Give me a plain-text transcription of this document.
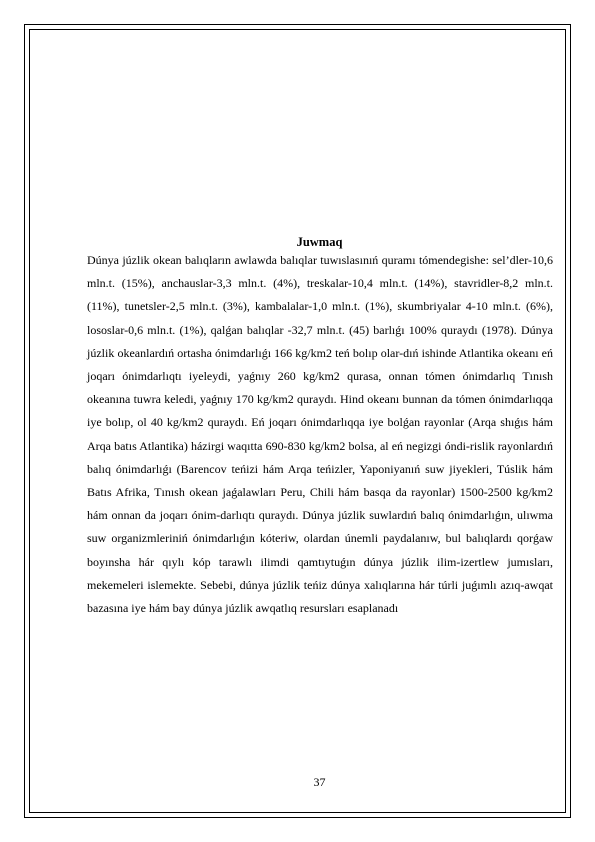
Juwmaq

Dúnya júzlik okean balıqların awlawda balıqlar tuwıslasınıń quramı tómendegishe: sel’dler-10,6 mln.t. (15%), anchauslar-3,3 mln.t. (4%), treskalar-10,4 mln.t. (14%), stavridler-8,2 mln.t. (11%), tunetsler-2,5 mln.t. (3%), kambalalar-1,0 mln.t. (1%), skumbriyalar 4-10 mln.t. (6%), lososlar-0,6 mln.t. (1%), qalǵan balıqlar -32,7 mln.t. (45) barlıǵı 100% quraydı (1978). Dúnya júzlik okeanlardıń ortasha ónimdarlıǵı 166 kg/km2 teń bolıp olar-dıń ishinde Atlantika okeanı eń joqarı ónimdarlıqtı iyeleydi, yaǵnıy 260 kg/km2 qurasa, onnan tómen ónimdarlıq Tınısh okeanına tuwra keledi, yaǵnıy 170 kg/km2 quraydı. Hind okeanı bunnan da tómen ónimdarlıqqa iye bolıp, ol 40 kg/km2 quraydı. Eń joqarı ónimdarlıqqa iye bolǵan rayonlar (Arqa shıǵıs hám Arqa batıs Atlantika) házirgi waqıtta 690-830 kg/km2 bolsa, al eń negizgi óndi-rislik rayonlardıń balıq ónimdarlıǵı (Barencov teńizi hám Arqa teńizler, Yaponiyanıń suw jiyekleri, Túslik hám Batıs Afrika, Tınısh okean jaǵalawları Peru, Chili hám basqa da rayonlar) 1500-2500 kg/km2 hám onnan da joqarı ónim-darlıqtı quraydı. Dúnya júzlik suwlardıń balıq ónimdarlıǵın, ulıwma suw organizmleriniń ónimdarlıǵın kóteriw, olardan únemli paydalanıw, bul balıqlardı qorǵaw boyınsha hár qıylı kóp tarawlı ilimdi qamtıytuǵın dúnya júzlik ilim-izertlew jumısları, mekemeleri islemekte. Sebebi, dúnya júzlik teńiz dúnya xalıqlarına hár túrli juǵımlı azıq-awqat bazasına iye hám bay dúnya júzlik awqatlıq resursları esaplanadı

37
